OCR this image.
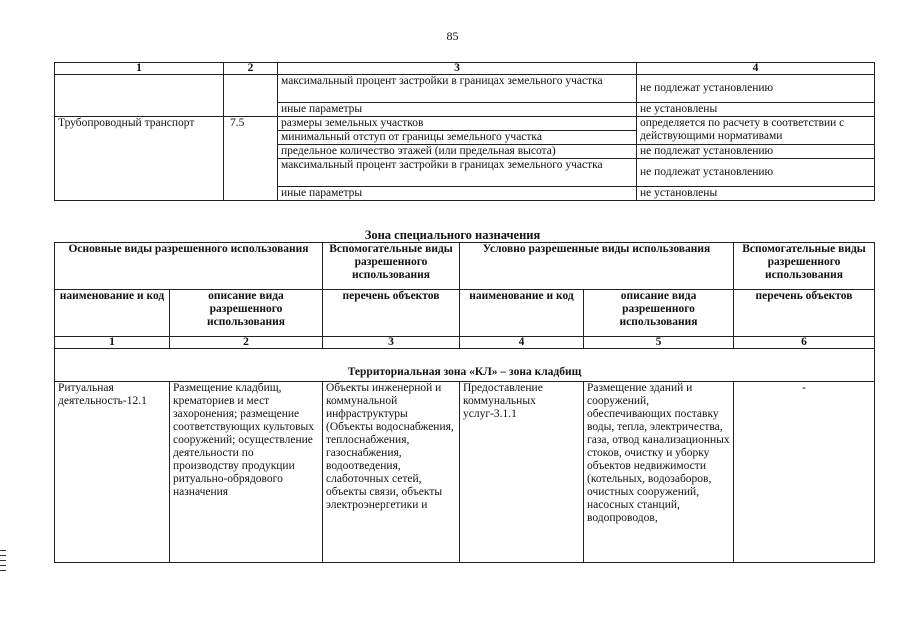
85
1	2	3	4
		максимальный процент застройки в границах земельного участка	не подлежат установлению
		иные параметры	не установлены
Трубопроводный транспорт	7.5	размеры земельных участков	определяется по расчету в соответствии с действующими нормативами
		минимальный отступ от границы земельного участка	
		предельное количество этажей (или предельная высота)	не подлежат установлению
		максимальный процент застройки в границах земельного участка	не подлежат установлению
		иные параметры	не установлены
Зона специального назначения
Основные виды разрешенного использования		Вспомогательные виды разрешенного использования	Условно разрешенные виды использования		Вспомогательные виды разрешенного использования
наименование и код	описание вида разрешенного использования	перечень объектов	наименование и код	описание вида разрешенного использования	перечень объектов
1	2	3	4	5	6
Территориальная зона «КЛ» – зона кладбищ					
Ритуальная деятельность-12.1	Размещение кладбищ, крематориев и мест захоронения; размещение соответствующих культовых сооружений; осуществление деятельности по производству продукции ритуально-обрядового назначения	Объекты инженерной и коммунальной инфраструктуры (Объекты водоснабжения, теплоснабжения, газоснабжения, водоотведения, слаботочных сетей, объекты связи, объекты электроэнергетики и	Предоставление коммунальных услуг-3.1.1	Размещение зданий и сооружений, обеспечивающих поставку воды, тепла, электричества, газа, отвод канализационных стоков, очистку и уборку объектов недвижимости (котельных, водозаборов, очистных сооружений, насосных станций, водопроводов,	-
